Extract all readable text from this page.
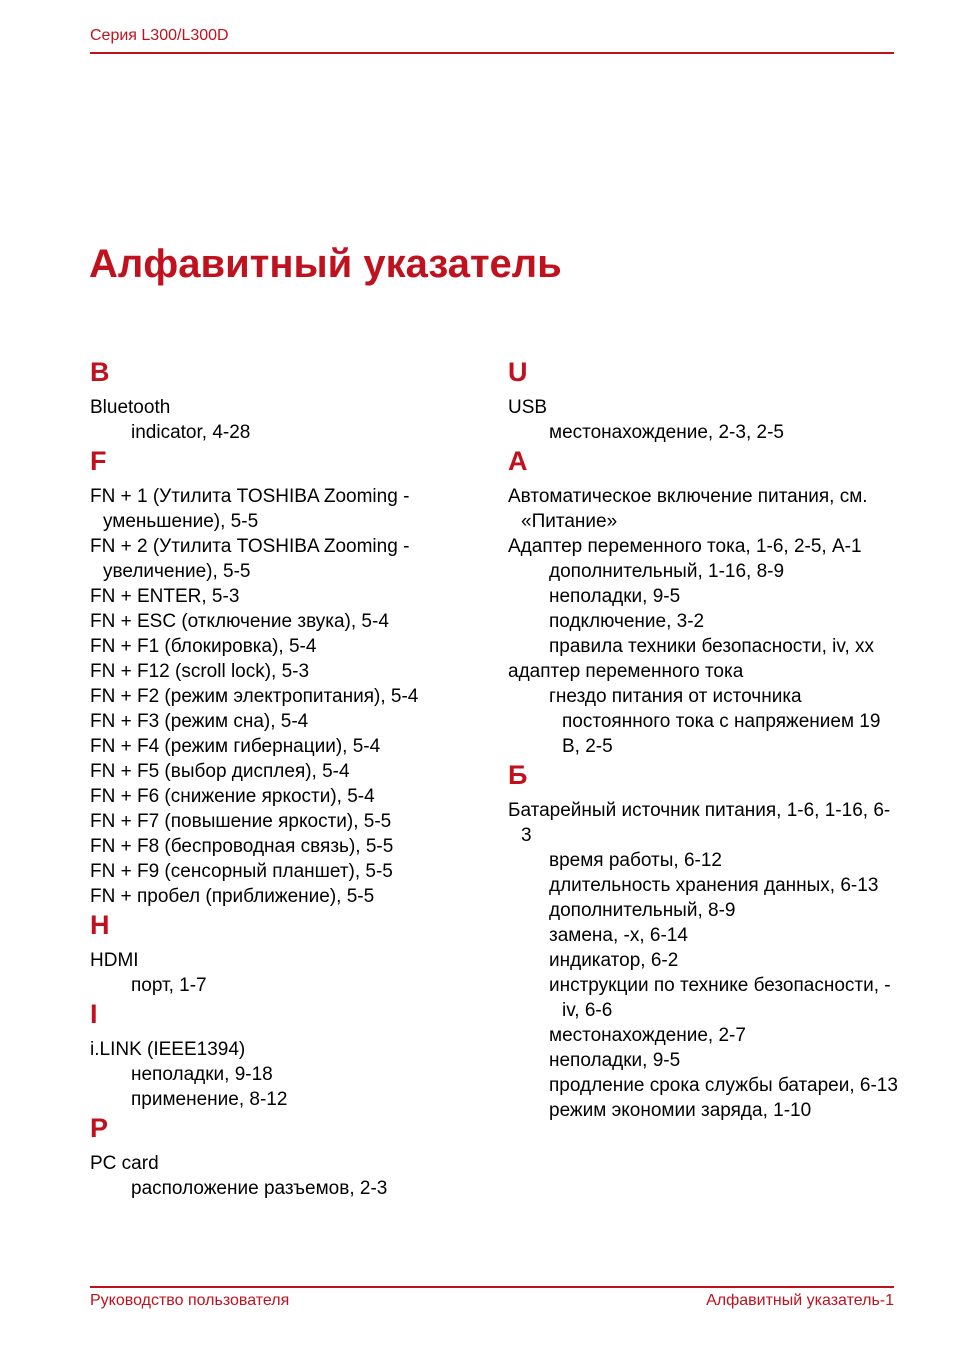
Серия L300/L300D
Алфавитный указатель
B
Bluetooth
indicator, 4-28
F
FN + 1 (Утилита TOSHIBA Zooming - уменьшение), 5-5
FN + 2 (Утилита TOSHIBA Zooming - увеличение), 5-5
FN + ENTER, 5-3
FN + ESC (отключение звука), 5-4
FN + F1 (блокировка), 5-4
FN + F12 (scroll lock), 5-3
FN + F2 (режим электропитания), 5-4
FN + F3 (режим сна), 5-4
FN + F4 (режим гибернации), 5-4
FN + F5 (выбор дисплея), 5-4
FN + F6 (снижение яркости), 5-4
FN + F7 (повышение яркости), 5-5
FN + F8 (беспроводная связь), 5-5
FN + F9 (сенсорный планшет), 5-5
FN + пробел (приближение), 5-5
H
HDMI
порт, 1-7
I
i.LINK (IEEE1394)
неполадки, 9-18
применение, 8-12
P
PC card
расположение разъемов, 2-3
U
USB
местонахождение, 2-3, 2-5
А
Автоматическое включение питания, см. «Питание»
Адаптер переменного тока, 1-6, 2-5, A-1
дополнительный, 1-16, 8-9
неполадки, 9-5
подключение, 3-2
правила техники безопасности, iv, xx
адаптер переменного тока
гнездо питания от источника постоянного тока с напряжением 19 В, 2-5
Б
Батарейный источник питания, 1-6, 1-16, 6-3
время работы, 6-12
длительность хранения данных, 6-13
дополнительный, 8-9
замена, -x, 6-14
индикатор, 6-2
инструкции по технике безопасности, -iv, 6-6
местонахождение, 2-7
неполадки, 9-5
продление срока службы батареи, 6-13
режим экономии заряда, 1-10
Руководство пользователя	Алфавитный указатель-1
